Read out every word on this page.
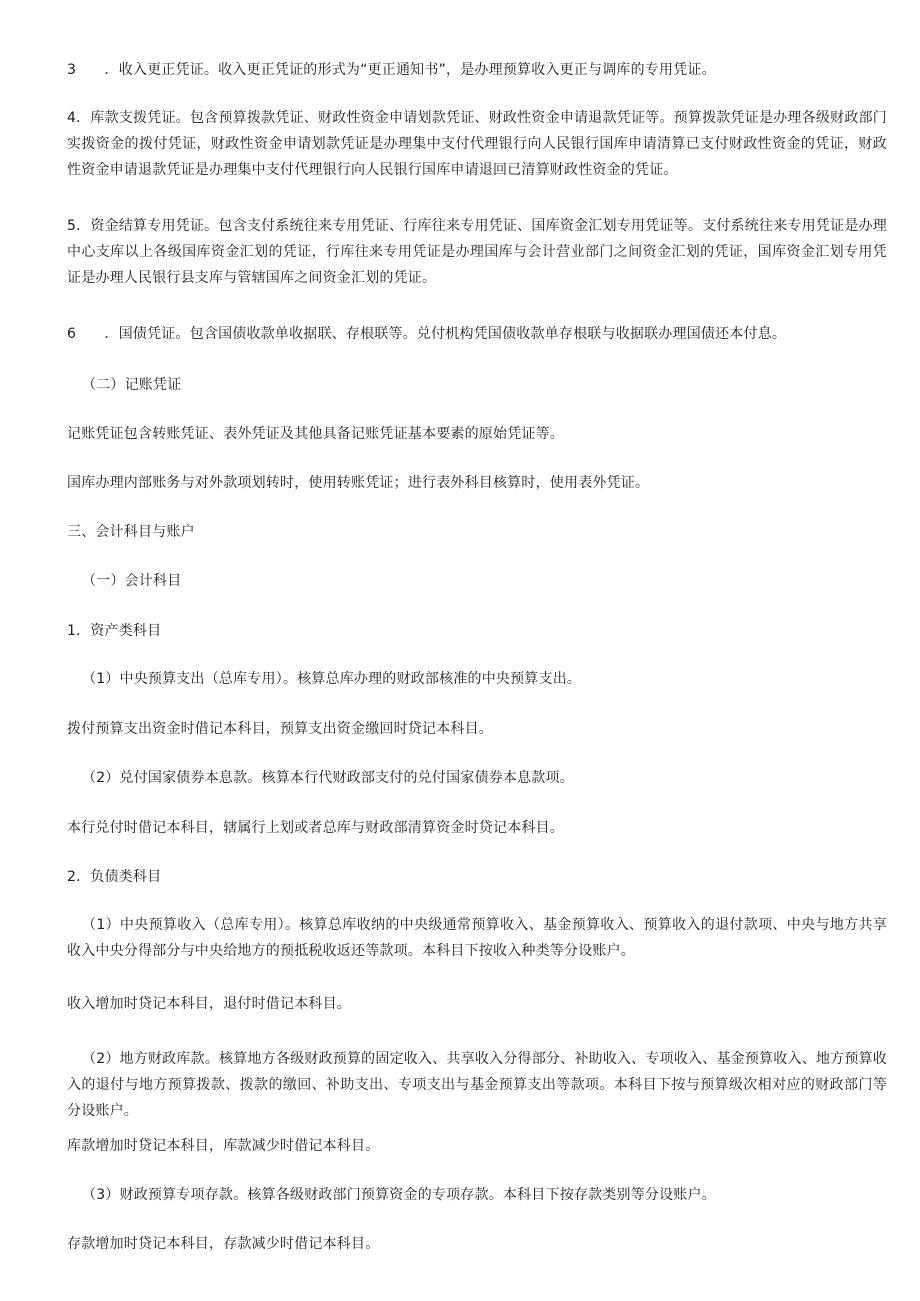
3　　．收入更正凭证。收入更正凭证的形式为“更正通知书”，是办理预算收入更正与调库的专用凭证。

4．库款支拨凭证。包含预算拨款凭证、财政性资金申请划款凭证、财政性资金申请退款凭证等。预算拨款凭证是办理各级财政部门实拨资金的拨付凭证，财政性资金申请划款凭证是办理集中支付代理银行向人民银行国库申请清算已支付财政性资金的凭证，财政性资金申请退款凭证是办理集中支付代理银行向人民银行国库申请退回已清算财政性资金的凭证。

5．资金结算专用凭证。包含支付系统往来专用凭证、行库往来专用凭证、国库资金汇划专用凭证等。支付系统往来专用凭证是办理中心支库以上各级国库资金汇划的凭证，行库往来专用凭证是办理国库与会计营业部门之间资金汇划的凭证，国库资金汇划专用凭证是办理人民银行县支库与管辖国库之间资金汇划的凭证。

6　　．国债凭证。包含国债收款单收据联、存根联等。兑付机构凭国债收款单存根联与收据联办理国债还本付息。

（二）记账凭证

记账凭证包含转账凭证、表外凭证及其他具备记账凭证基本要素的原始凭证等。

国库办理内部账务与对外款项划转时，使用转账凭证；进行表外科目核算时，使用表外凭证。

三、会计科目与账户

（一）会计科目

1．资产类科目

（1）中央预算支出（总库专用）。核算总库办理的财政部核准的中央预算支出。

拨付预算支出资金时借记本科目，预算支出资金缴回时贷记本科目。

（2）兑付国家债券本息款。核算本行代财政部支付的兑付国家债券本息款项。

本行兑付时借记本科目，辖属行上划或者总库与财政部清算资金时贷记本科目。

2．负债类科目

（1）中央预算收入（总库专用）。核算总库收纳的中央级通常预算收入、基金预算收入、预算收入的退付款项、中央与地方共享收入中央分得部分与中央给地方的预抵税收返还等款项。本科目下按收入种类等分设账户。

收入增加时贷记本科目，退付时借记本科目。

（2）地方财政库款。核算地方各级财政预算的固定收入、共享收入分得部分、补助收入、专项收入、基金预算收入、地方预算收入的退付与地方预算拨款、拨款的缴回、补助支出、专项支出与基金预算支出等款项。本科目下按与预算级次相对应的财政部门等分设账户。

库款增加时贷记本科目，库款减少时借记本科目。

（3）财政预算专项存款。核算各级财政部门预算资金的专项存款。本科目下按存款类别等分设账户。

存款增加时贷记本科目，存款减少时借记本科目。
